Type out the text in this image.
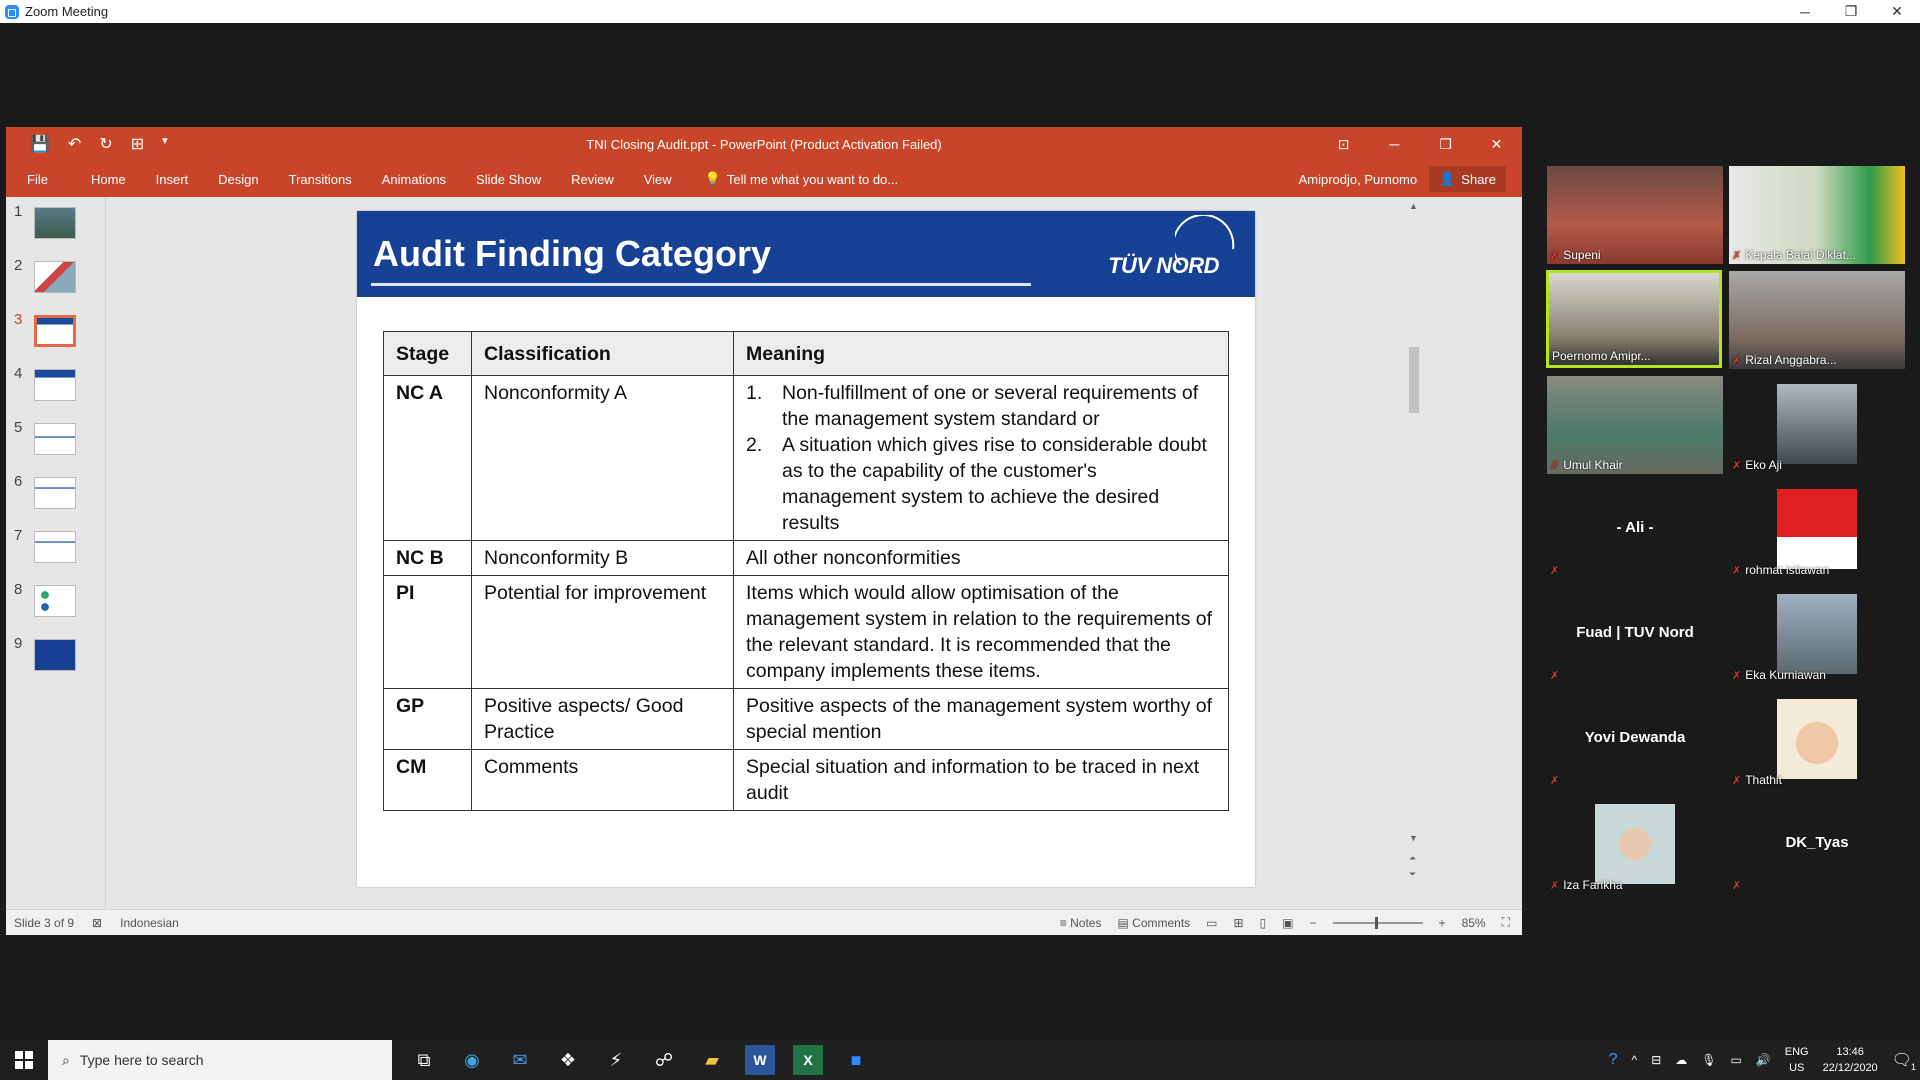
Zoom Meeting	─	❐	✕
💾 ↶ ↻ ⊞ ▾	TNI Closing Audit.ppt - PowerPoint (Product Activation Failed)	⊡	─	❐	✕
File	Home	Insert	Design	Transitions	Animations	Slide Show	Review	View	💡 Tell me what you want to do...	Amiprodjo, Purnomo 👤 Share
1
2
3
4
5
6
7
8
9
Audit Finding Category	TÜV NORD
Stage	Classification	Meaning
NC A	Nonconformity A	1. Non-fulfillment of one or several requirements of the management system standard or
2. A situation which gives rise to considerable doubt as to the capability of the customer's management system to achieve the desired results

NC B	Nonconformity B	All other nonconformities
PI	Potential for improvement	Items which would allow optimisation of the management system in relation to the requirements of the relevant standard. It is recommended that the company implements these items.
GP	Positive aspects/ Good Practice	Positive aspects of the management system worthy of special mention
CM	Comments	Special situation and information to be traced in next audit
▲
▼
⏶
⏷
Slide 3 of 9 ⊠ Indonesian	≡ Notes ▤ Comments ▭ ⊞ ▯ ▣ −	+ 85% ⛶
✗ Supeni	✗ Kepala Balai Diklat...
Poernomo Amipr...	✗ Rizal Anggabra...
✗ Umul Khair	✗ Eko Aji
- Ali -
✗	✗ rohmat istiawan
Fuad | TUV Nord
✗	✗ Eka Kurniawan
Yovi Dewanda
✗	✗ Thathit
✗ Iza Farikha
DK_Tyas
✗
⌕ Type here to search	⧉	◉	✉	❖	⚡	☍	▰	W	X	■	? ^ ⊟ ☁ 🎙 ▭ 🔊
ENG
US
13:46
22/12/2020 🗨
1
